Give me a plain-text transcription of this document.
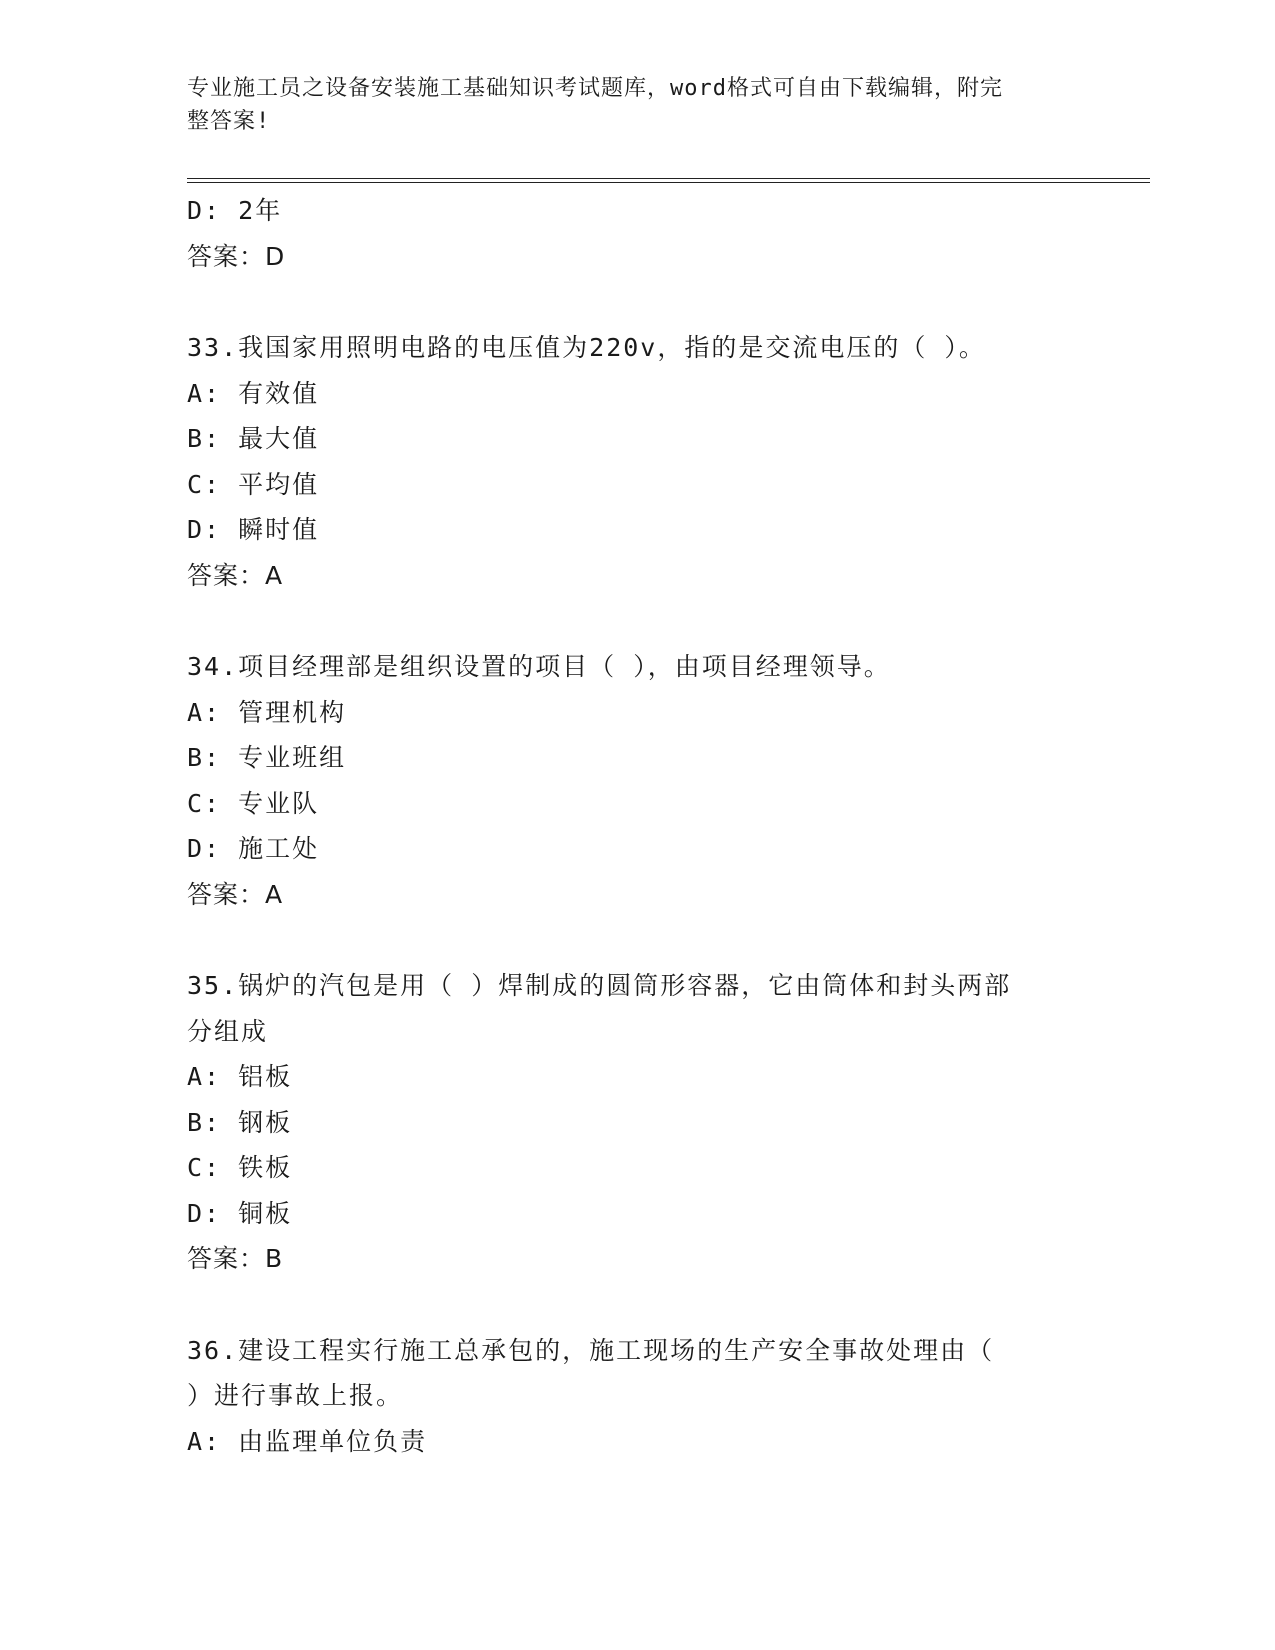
专业施工员之设备安装施工基础知识考试题库，word格式可自由下载编辑，附完
整答案!
D: 2年
答案：D
33.我国家用照明电路的电压值为220v，指的是交流电压的（ ）。
A: 有效值
B: 最大值
C: 平均值
D: 瞬时值
答案：A
34.项目经理部是组织设置的项目（ ），由项目经理领导。
A: 管理机构
B: 专业班组
C: 专业队
D: 施工处
答案：A
35.锅炉的汽包是用（ ）焊制成的圆筒形容器，它由筒体和封头两部
分组成
A: 铝板
B: 钢板
C: 铁板
D: 铜板
答案：B
36.建设工程实行施工总承包的，施工现场的生产安全事故处理由（
）进行事故上报。
A: 由监理单位负责
